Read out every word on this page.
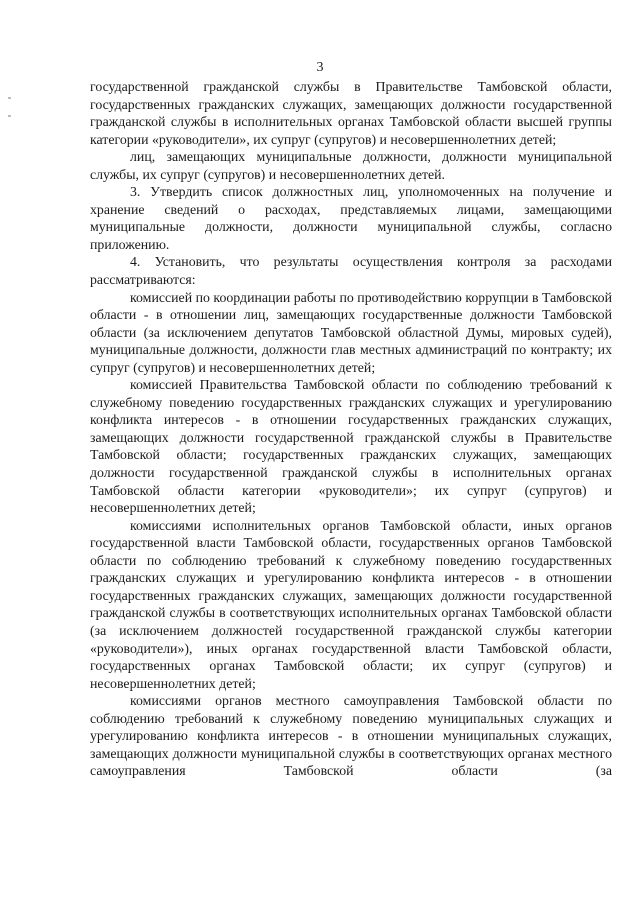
3

государственной гражданской службы в Правительстве Тамбовской области, государственных гражданских служащих, замещающих должности государственной гражданской службы в исполнительных органах Тамбовской области высшей группы категории «руководители», их супруг (супругов) и несовершеннолетних детей;

лиц, замещающих муниципальные должности, должности муниципальной службы, их супруг (супругов) и несовершеннолетних детей.

3. Утвердить список должностных лиц, уполномоченных на получение и хранение сведений о расходах, представляемых лицами, замещающими муниципальные должности, должности муниципальной службы, согласно приложению.

4. Установить, что результаты осуществления контроля за расходами рассматриваются:

комиссией по координации работы по противодействию коррупции в Тамбовской области - в отношении лиц, замещающих государственные должности Тамбовской области (за исключением депутатов Тамбовской областной Думы, мировых судей), муниципальные должности, должности глав местных администраций по контракту; их супруг (супругов) и несовершеннолетних детей;

комиссией Правительства Тамбовской области по соблюдению требований к служебному поведению государственных гражданских служащих и урегулированию конфликта интересов - в отношении государственных гражданских служащих, замещающих должности государственной гражданской службы в Правительстве Тамбовской области; государственных гражданских служащих, замещающих должности государственной гражданской службы в исполнительных органах Тамбовской области категории «руководители»; их супруг (супругов) и несовершеннолетних детей;

комиссиями исполнительных органов Тамбовской области, иных органов государственной власти Тамбовской области, государственных органов Тамбовской области по соблюдению требований к служебному поведению государственных гражданских служащих и урегулированию конфликта интересов - в отношении государственных гражданских служащих, замещающих должности государственной гражданской службы в соответствующих исполнительных органах Тамбовской области (за исключением должностей государственной гражданской службы категории «руководители»), иных органах государственной власти Тамбовской области, государственных органах Тамбовской области; их супруг (супругов) и несовершеннолетних детей;

комиссиями органов местного самоуправления Тамбовской области по соблюдению требований к служебному поведению муниципальных служащих и урегулированию конфликта интересов - в отношении муниципальных служащих, замещающих должности муниципальной службы в соответствующих органах местного самоуправления Тамбовской области (за
